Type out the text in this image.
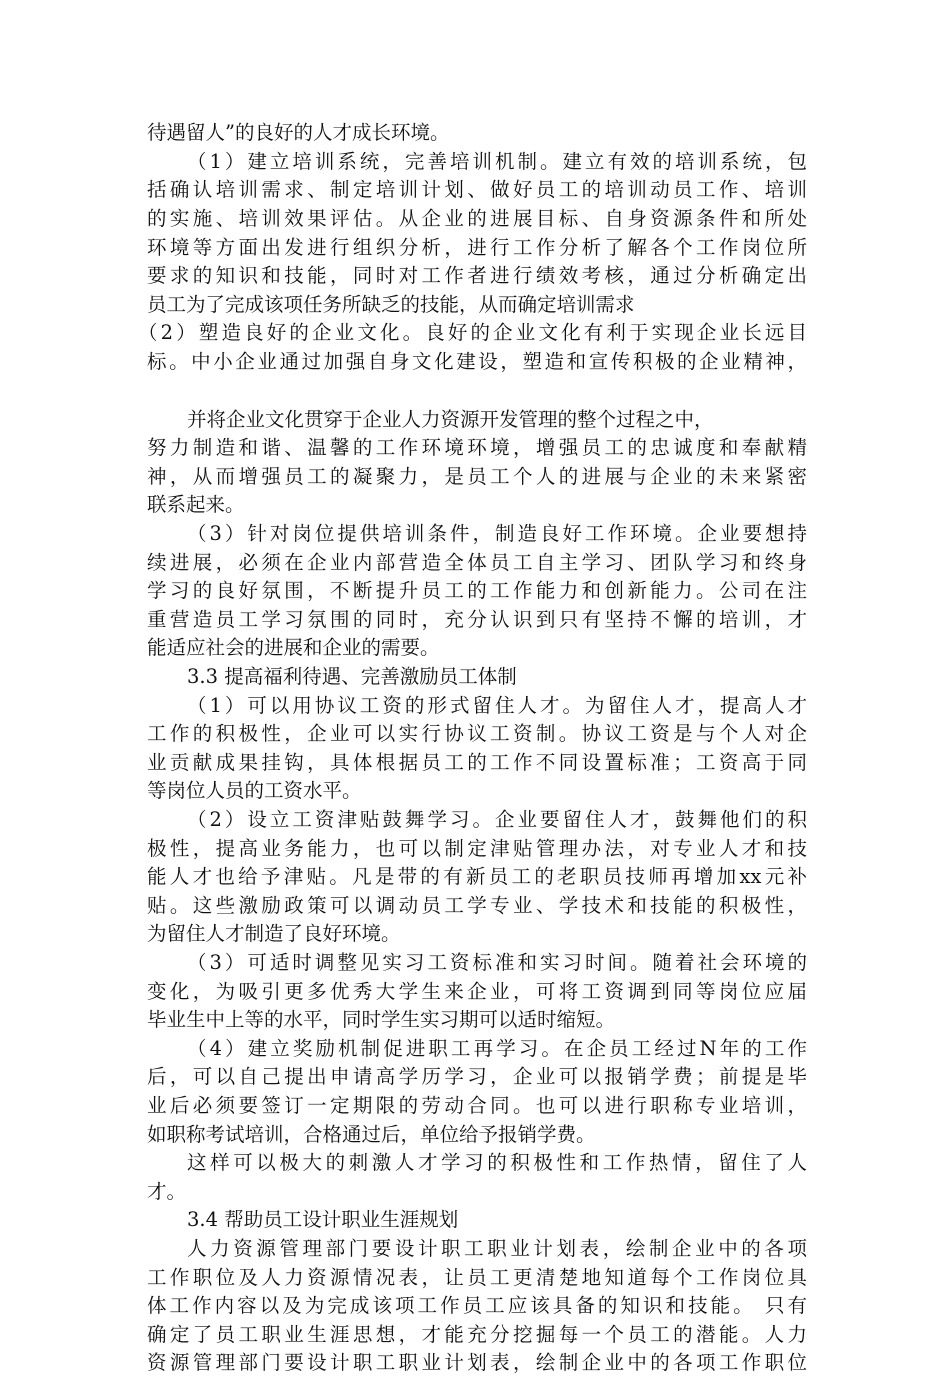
待遇留人”的良好的人才成长环境。
（1）建立培训系统，完善培训机制。建立有效的培训系统，包
括确认培训需求、制定培训计划、做好员工的培训动员工作、培训
的实施、培训效果评估。从企业的进展目标、自身资源条件和所处
环境等方面出发进行组织分析，进行工作分析了解各个工作岗位所
要求的知识和技能，同时对工作者进行绩效考核，通过分析确定出
员工为了完成该项任务所缺乏的技能，从而确定培训需求
（2）塑造良好的企业文化。良好的企业文化有利于实现企业长远目
标。中小企业通过加强自身文化建设，塑造和宣传积极的企业精神，
并将企业文化贯穿于企业人力资源开发管理的整个过程之中，
努力制造和谐、温馨的工作环境环境，增强员工的忠诚度和奉献精
神，从而增强员工的凝聚力，是员工个人的进展与企业的未来紧密
联系起来。
（3）针对岗位提供培训条件，制造良好工作环境。企业要想持
续进展，必须在企业内部营造全体员工自主学习、团队学习和终身
学习的良好氛围，不断提升员工的工作能力和创新能力。公司在注
重营造员工学习氛围的同时，充分认识到只有坚持不懈的培训，才
能适应社会的进展和企业的需要。
3.3 提高福利待遇、完善激励员工体制
（1）可以用协议工资的形式留住人才。为留住人才，提高人才
工作的积极性，企业可以实行协议工资制。协议工资是与个人对企
业贡献成果挂钩，具体根据员工的工作不同设置标准；工资高于同
等岗位人员的工资水平。
（2）设立工资津贴鼓舞学习。企业要留住人才，鼓舞他们的积
极性，提高业务能力，也可以制定津贴管理办法，对专业人才和技
能人才也给予津贴。凡是带的有新员工的老职员技师再增加xx元补
贴。这些激励政策可以调动员工学专业、学技术和技能的积极性，
为留住人才制造了良好环境。
（3）可适时调整见实习工资标准和实习时间。随着社会环境的
变化，为吸引更多优秀大学生来企业，可将工资调到同等岗位应届
毕业生中上等的水平，同时学生实习期可以适时缩短。
（4）建立奖励机制促进职工再学习。在企员工经过N年的工作
后，可以自己提出申请高学历学习，企业可以报销学费；前提是毕
业后必须要签订一定期限的劳动合同。也可以进行职称专业培训，
如职称考试培训，合格通过后，单位给予报销学费。
这样可以极大的刺激人才学习的积极性和工作热情，留住了人
才。
3.4 帮助员工设计职业生涯规划
人力资源管理部门要设计职工职业计划表，绘制企业中的各项
工作职位及人力资源情况表，让员工更清楚地知道每个工作岗位具
体工作内容以及为完成该项工作员工应该具备的知识和技能。 只有
确定了员工职业生涯思想，才能充分挖掘每一个员工的潜能。人力
资源管理部门要设计职工职业计划表，绘制企业中的各项工作职位
